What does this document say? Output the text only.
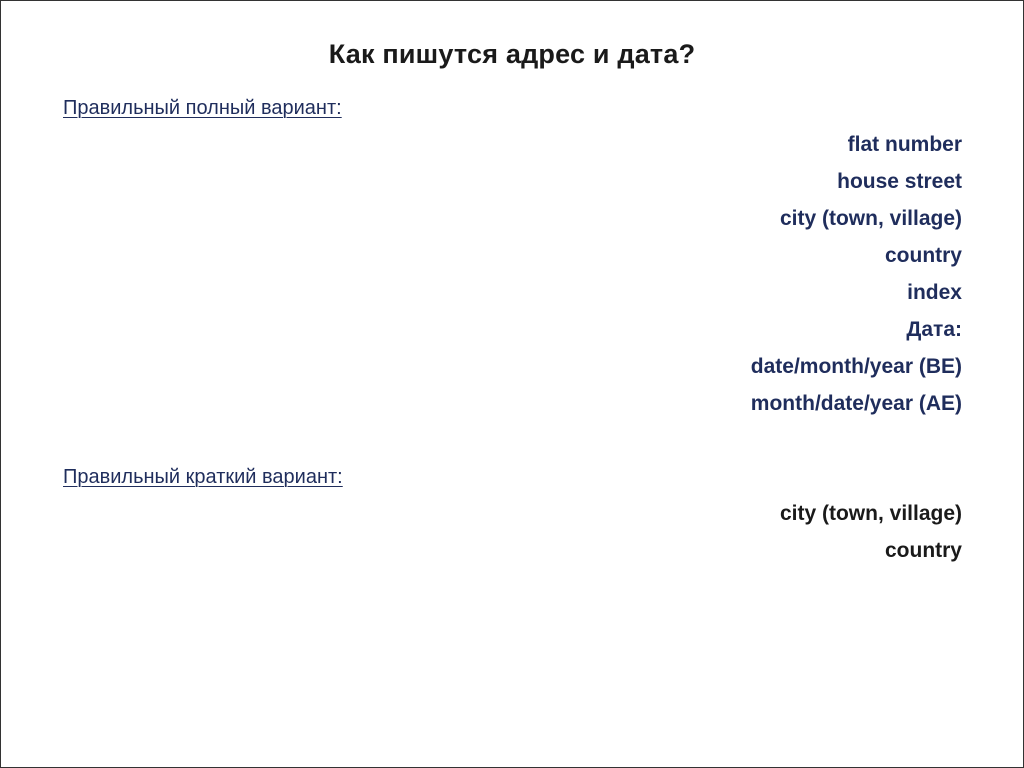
Как пишутся адрес и дата?
Правильный полный вариант:
flat number
house street
city (town, village)
country
index
Дата:
date/month/year (BE)
month/date/year (AE)
Правильный краткий вариант:
city (town, village)
country
